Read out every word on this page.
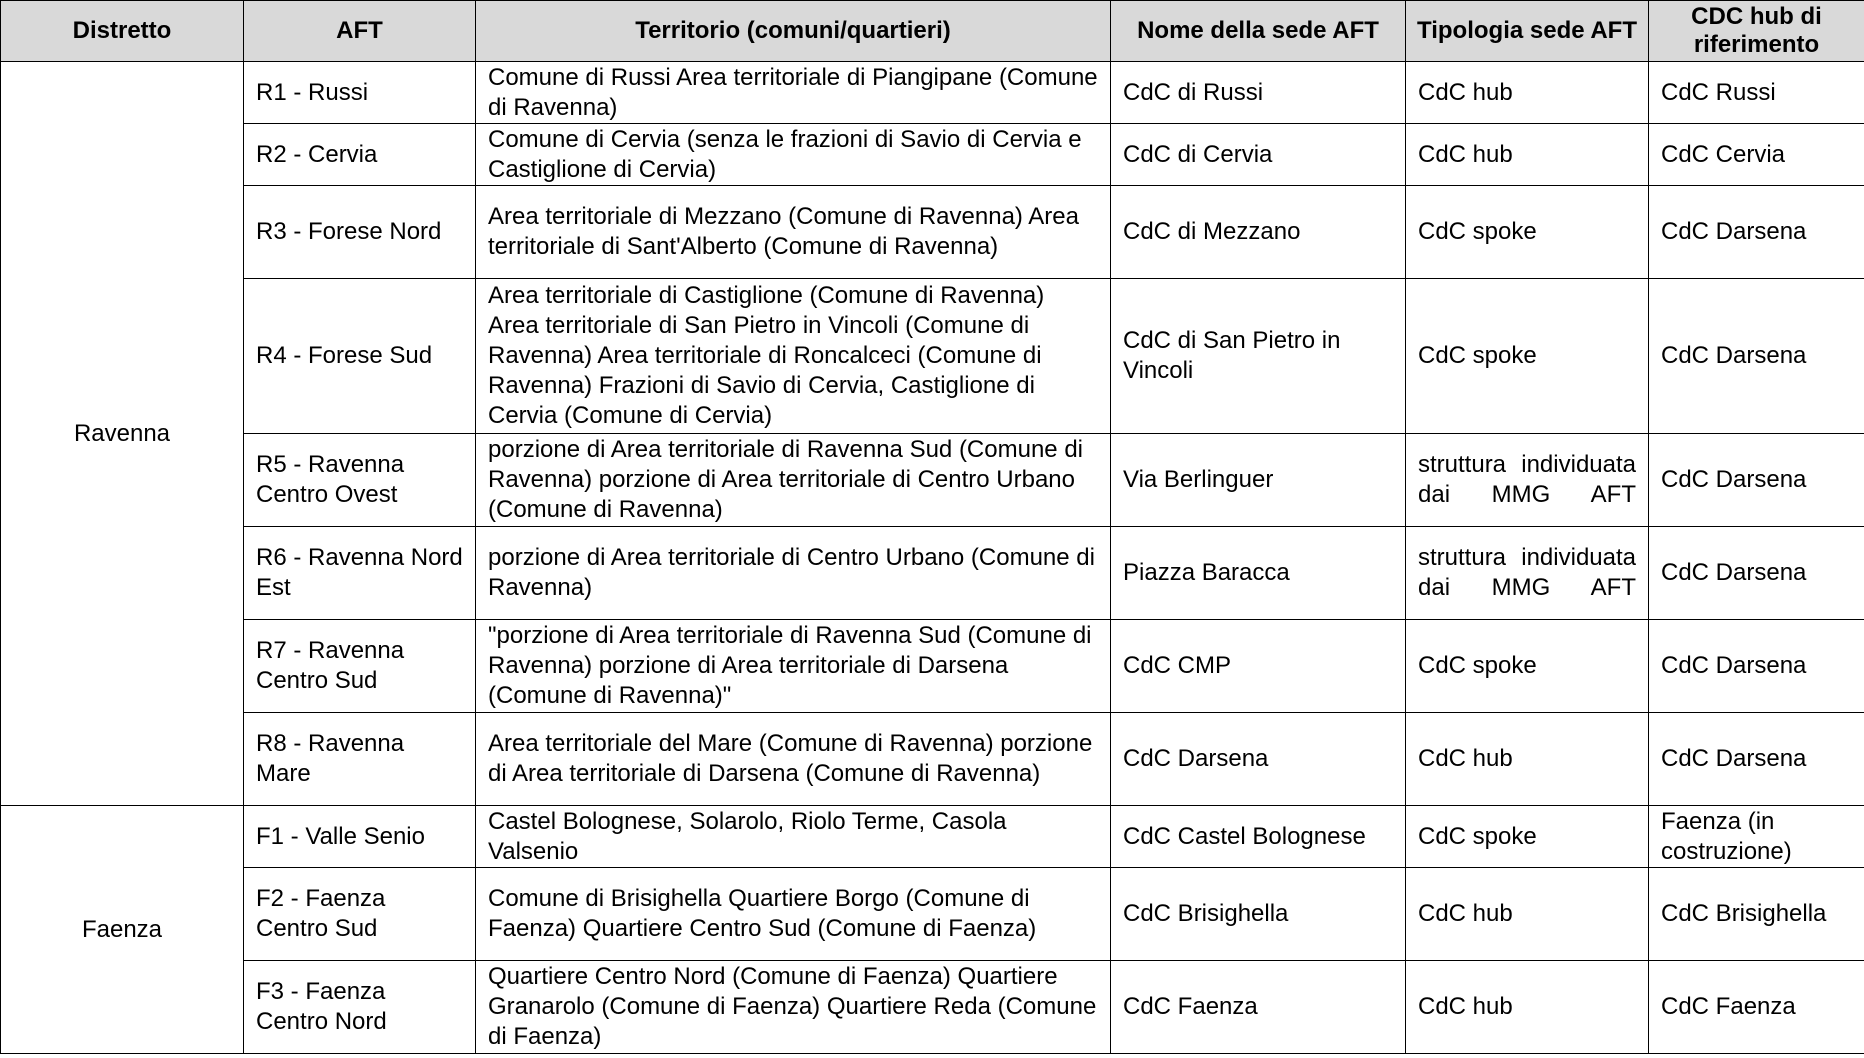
Distretto	AFT	Territorio (comuni/quartieri)	Nome della sede AFT	Tipologia sede AFT	CDC hub di riferimento
Ravenna	R1 - Russi	Comune di Russi Area territoriale di Piangipane (Comune di Ravenna)	CdC di Russi	CdC hub	CdC Russi
	R2 - Cervia	Comune di Cervia (senza le frazioni di Savio di Cervia e Castiglione di Cervia)	CdC di Cervia	CdC hub	CdC Cervia
	R3 - Forese Nord	Area territoriale di Mezzano (Comune di Ravenna) Area territoriale di Sant'Alberto (Comune di Ravenna)	CdC di Mezzano	CdC spoke	CdC Darsena
	R4 - Forese Sud	Area territoriale di Castiglione (Comune di Ravenna) Area territoriale di San Pietro in Vincoli (Comune di Ravenna) Area territoriale di Roncalceci (Comune di Ravenna) Frazioni di Savio di Cervia, Castiglione di Cervia (Comune di Cervia)	CdC di San Pietro in Vincoli	CdC spoke	CdC Darsena
	R5 - Ravenna Centro Ovest	porzione di Area territoriale di Ravenna Sud (Comune di Ravenna) porzione di Area territoriale di Centro Urbano (Comune di Ravenna)	Via Berlinguer	struttura individuata dai MMG AFT	CdC Darsena
	R6 - Ravenna Nord Est	porzione di Area territoriale di Centro Urbano (Comune di Ravenna)	Piazza Baracca	struttura individuata dai MMG AFT	CdC Darsena
	R7 - Ravenna Centro Sud	"porzione di Area territoriale di Ravenna Sud (Comune di Ravenna) porzione di Area territoriale di Darsena (Comune di Ravenna)"	CdC CMP	CdC spoke	CdC Darsena
	R8 - Ravenna Mare	Area territoriale del Mare (Comune di Ravenna) porzione di Area territoriale di Darsena (Comune di Ravenna)	CdC Darsena	CdC hub	CdC Darsena
Faenza	F1 - Valle Senio	Castel Bolognese, Solarolo, Riolo Terme, Casola Valsenio	CdC Castel Bolognese	CdC spoke	Faenza (in costruzione)
	F2 - Faenza Centro Sud	Comune di Brisighella Quartiere Borgo (Comune di Faenza) Quartiere Centro Sud (Comune di Faenza)	CdC Brisighella	CdC hub	CdC Brisighella
	F3 - Faenza Centro Nord	Quartiere Centro Nord (Comune di Faenza) Quartiere Granarolo (Comune di Faenza) Quartiere Reda (Comune di Faenza)	CdC Faenza	CdC hub	CdC Faenza
